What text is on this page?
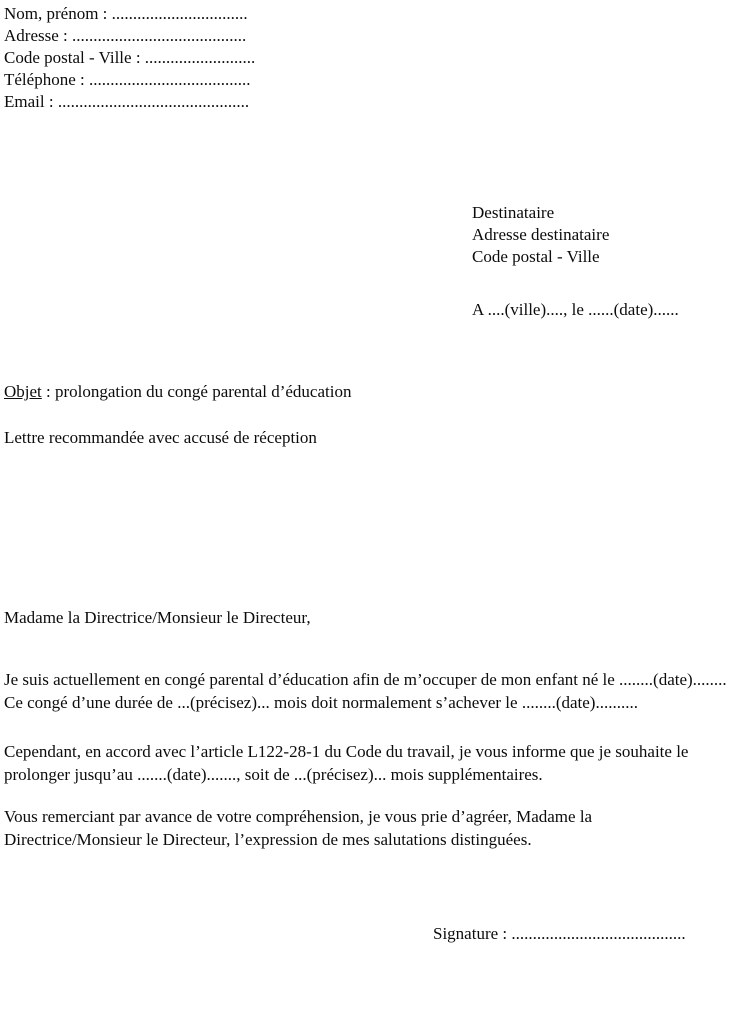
Nom, prénom : ................................

Adresse : .........................................

Code postal - Ville : ..........................

Téléphone : ......................................

Email : .............................................

Destinataire

Adresse destinataire

Code postal - Ville

A ....(ville)...., le ......(date)......

Objet : prolongation du congé parental d’éducation

Lettre recommandée avec accusé de réception

Madame la Directrice/Monsieur le Directeur,

Je suis actuellement en congé parental d’éducation afin de m’occuper de mon enfant né le ........(date)........ Ce congé d’une durée de ...(précisez)... mois doit normalement s’achever le ........(date)..........

Cependant, en accord avec l’article L122-28-1 du Code du travail, je vous informe que je souhaite le prolonger jusqu’au .......(date)......., soit de ...(précisez)... mois supplémentaires.

Vous remerciant par avance de votre compréhension, je vous prie d’agréer, Madame la Directrice/Monsieur le Directeur, l’expression de mes salutations distinguées.

Signature : .........................................
